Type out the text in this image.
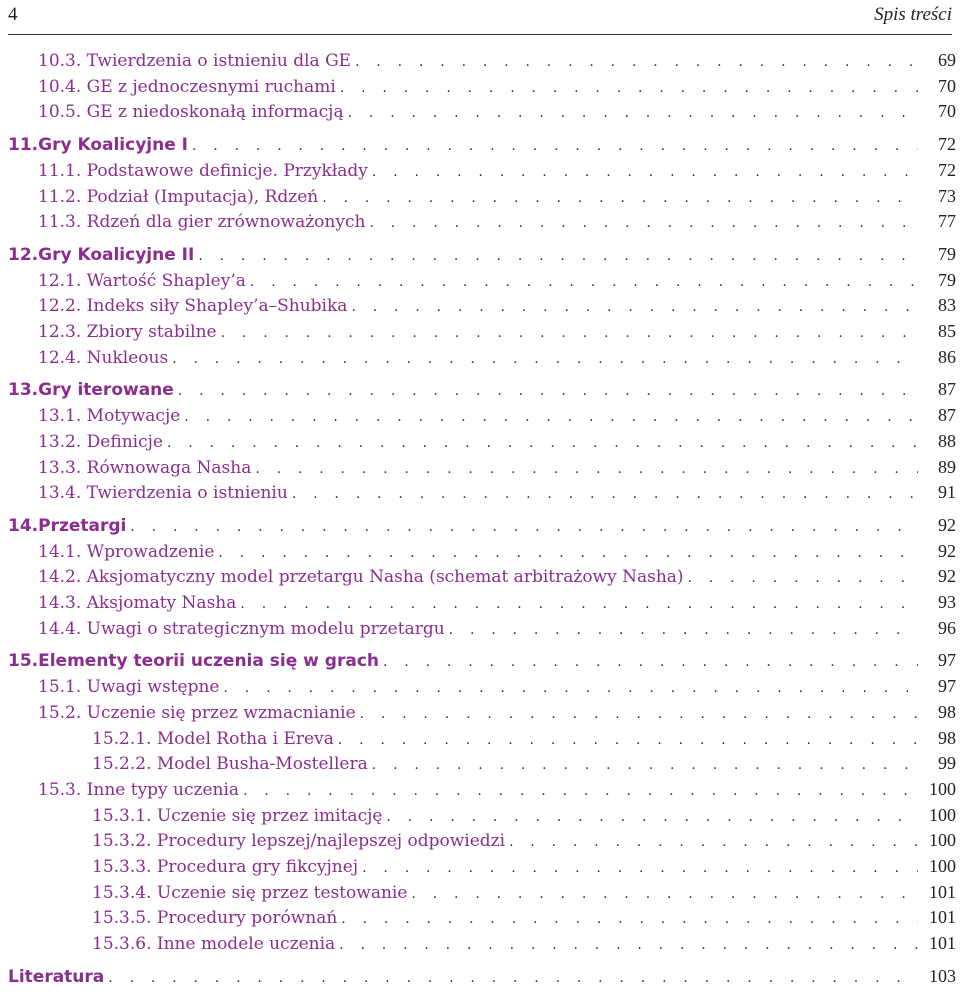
4	Spis treści
10.3. Twierdzenia o istnieniu dla GE . . .	69
10.4. GE z jednoczesnymi ruchami . . .	70
10.5. GE z niedoskonałą informacją . . .	70
11.Gry Koalicyjne I . . .	72
11.1. Podstawowe definicje. Przykłady . . .	72
11.2. Podział (Imputacja), Rdzeń . . .	73
11.3. Rdzeń dla gier zrównoważonych . . .	77
12.Gry Koalicyjne II . . .	79
12.1. Wartość Shapley’a . . .	79
12.2. Indeks siły Shapley’a–Shubika . . .	83
12.3. Zbiory stabilne . . .	85
12.4. Nukleous . . .	86
13.Gry iterowane . . .	87
13.1. Motywacje . . .	87
13.2. Definicje . . .	88
13.3. Równowaga Nasha . . .	89
13.4. Twierdzenia o istnieniu . . .	91
14.Przetargi . . .	92
14.1. Wprowadzenie . . .	92
14.2. Aksjomatyczny model przetargu Nasha (schemat arbitrażowy Nasha) . . .	92
14.3. Aksjomaty Nasha . . .	93
14.4. Uwagi o strategicznym modelu przetargu . . .	96
15.Elementy teorii uczenia się w grach . . .	97
15.1. Uwagi wstępne . . .	97
15.2. Uczenie się przez wzmacnianie . . .	98
15.2.1. Model Rotha i Ereva . . .	98
15.2.2. Model Busha-Mostellera . . .	99
15.3. Inne typy uczenia . . .	100
15.3.1. Uczenie się przez imitację . . .	100
15.3.2. Procedury lepszej/najlepszej odpowiedzi . . .	100
15.3.3. Procedura gry fikcyjnej . . .	100
15.3.4. Uczenie się przez testowanie . . .	101
15.3.5. Procedury porównań . . .	101
15.3.6. Inne modele uczenia . . .	101
Literatura . . .	103
